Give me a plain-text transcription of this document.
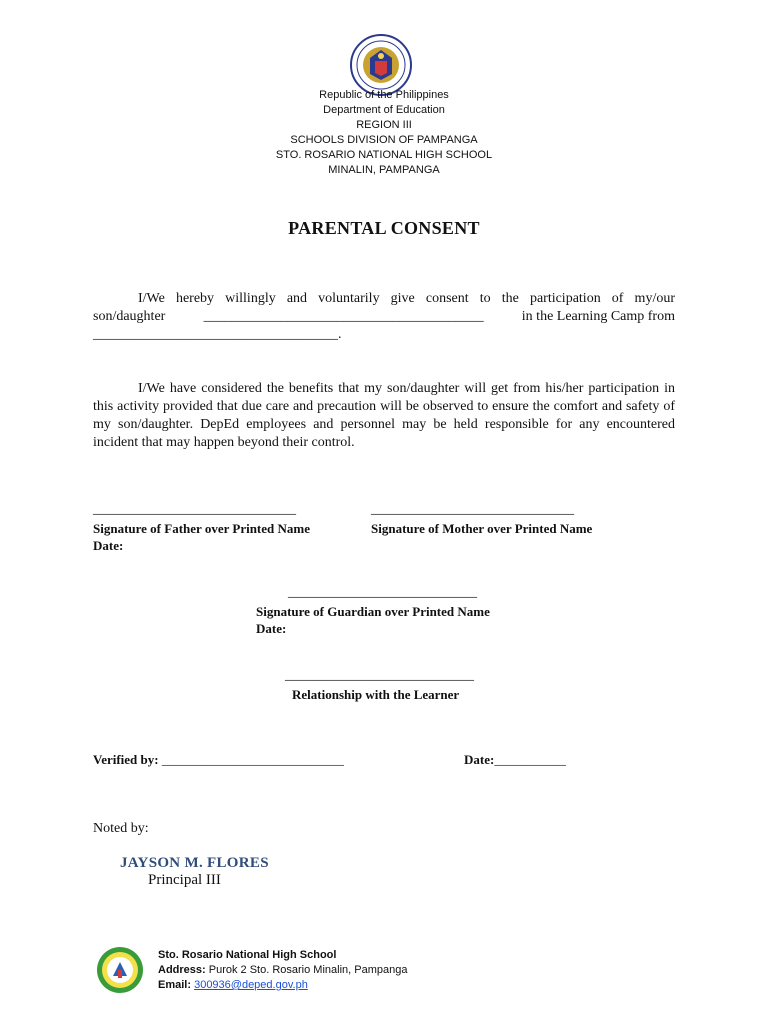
Republic of the Philippines
Department of Education
REGION III
SCHOOLS DIVISION OF PAMPANGA
STO. ROSARIO NATIONAL HIGH SCHOOL
MINALIN, PAMPANGA
PARENTAL CONSENT
I/We hereby willingly and voluntarily give consent to the participation of my/our
son/daughter	________________________________________	in the Learning Camp from
___________________________________.
I/We have considered the benefits that my son/daughter will get from his/her participation in this activity provided that due care and precaution will be observed to ensure the comfort and safety of my son/daughter. DepEd employees and personnel may be held responsible for any encountered incident that may happen beyond their control.
_____________________________
Signature of Father over Printed Name
Date:
_____________________________
Signature of Mother over Printed Name
___________________________
Signature of Guardian over Printed Name
Date:
___________________________
Relationship with the Learner
Verified by: ____________________________	Date:___________
Noted by:
JAYSON M. FLORES
Principal III
Sto. Rosario National High School
Address: Purok 2 Sto. Rosario Minalin, Pampanga
Email: 300936@deped.gov.ph
